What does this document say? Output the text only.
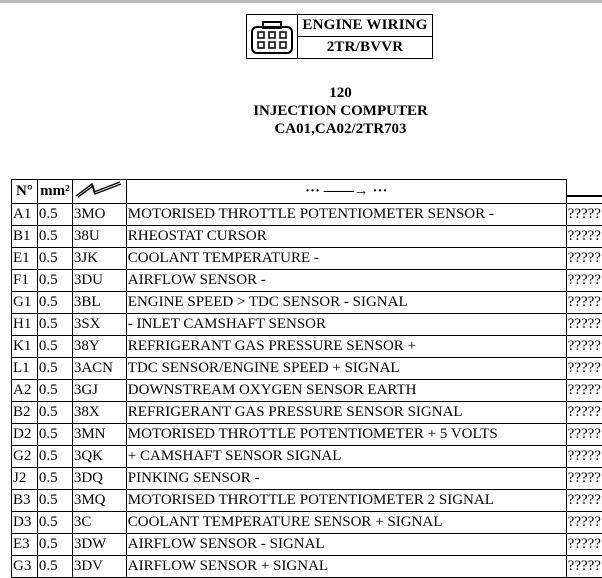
ENGINE WIRING
2TR/BVVR
120
INJECTION COMPUTER
CA01,CA02/2TR703
N°	mm²		··· ——→ ···	

A1	0.5	3MO	MOTORISED THROTTLE POTENTIOMETER SENSOR -	?????
B1	0.5	38U	RHEOSTAT CURSOR	?????
E1	0.5	3JK	COOLANT TEMPERATURE -	?????
F1	0.5	3DU	AIRFLOW SENSOR -	?????
G1	0.5	3BL	ENGINE SPEED > TDC SENSOR - SIGNAL	?????
H1	0.5	3SX	- INLET CAMSHAFT SENSOR	?????
K1	0.5	38Y	REFRIGERANT GAS PRESSURE SENSOR +	?????
L1	0.5	3ACN	TDC SENSOR/ENGINE SPEED + SIGNAL	?????
A2	0.5	3GJ	DOWNSTREAM OXYGEN SENSOR EARTH	?????
B2	0.5	38X	REFRIGERANT GAS PRESSURE SENSOR SIGNAL	?????
D2	0.5	3MN	MOTORISED THROTTLE POTENTIOMETER + 5 VOLTS	?????
G2	0.5	3QK	+ CAMSHAFT SENSOR SIGNAL	?????
J2	0.5	3DQ	PINKING SENSOR -	?????
B3	0.5	3MQ	MOTORISED THROTTLE POTENTIOMETER 2 SIGNAL	?????
D3	0.5	3C	COOLANT TEMPERATURE SENSOR + SIGNAL	?????
E3	0.5	3DW	AIRFLOW SENSOR - SIGNAL	?????
G3	0.5	3DV	AIRFLOW SENSOR + SIGNAL	?????
